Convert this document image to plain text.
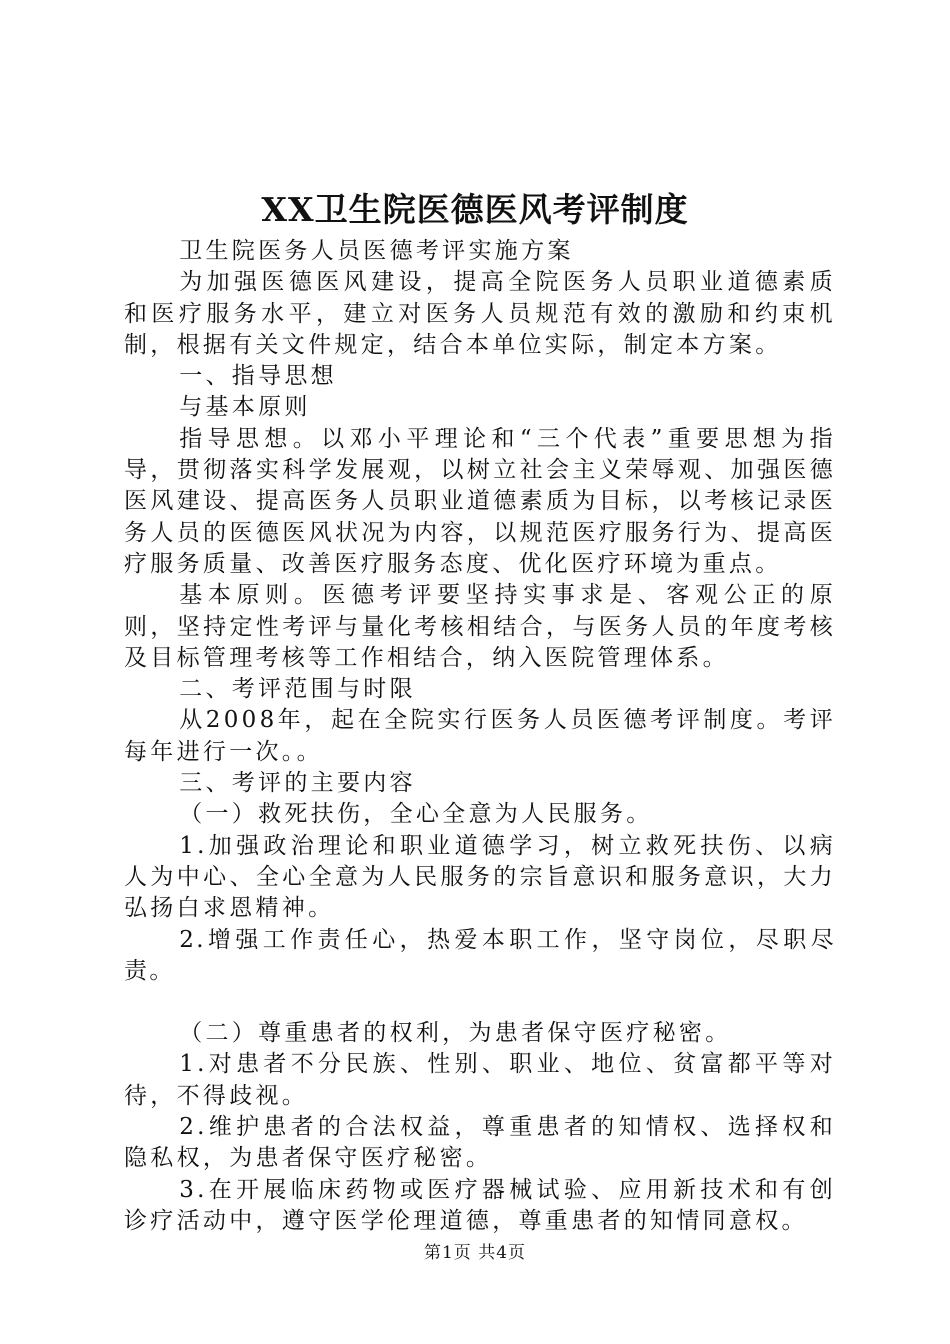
XX卫生院医德医风考评制度

卫生院医务人员医德考评实施方案

为加强医德医风建设，提高全院医务人员职业道德素质和医疗服务水平，建立对医务人员规范有效的激励和约束机制，根据有关文件规定，结合本单位实际，制定本方案。

一、指导思想

与基本原则

指导思想。以邓小平理论和“三个代表”重要思想为指导，贯彻落实科学发展观，以树立社会主义荣辱观、加强医德医风建设、提高医务人员职业道德素质为目标，以考核记录医务人员的医德医风状况为内容，以规范医疗服务行为、提高医疗服务质量、改善医疗服务态度、优化医疗环境为重点。

基本原则。医德考评要坚持实事求是、客观公正的原则，坚持定性考评与量化考核相结合，与医务人员的年度考核及目标管理考核等工作相结合，纳入医院管理体系。

二、考评范围与时限

从2008年，起在全院实行医务人员医德考评制度。考评每年进行一次。。

三、考评的主要内容

（一）救死扶伤，全心全意为人民服务。

1.加强政治理论和职业道德学习，树立救死扶伤、以病人为中心、全心全意为人民服务的宗旨意识和服务意识，大力弘扬白求恩精神。

2.增强工作责任心，热爱本职工作，坚守岗位，尽职尽责。

（二）尊重患者的权利，为患者保守医疗秘密。

1.对患者不分民族、性别、职业、地位、贫富都平等对待，不得歧视。

2.维护患者的合法权益，尊重患者的知情权、选择权和隐私权，为患者保守医疗秘密。

3.在开展临床药物或医疗器械试验、应用新技术和有创诊疗活动中，遵守医学伦理道德，尊重患者的知情同意权。

第1页 共4页
